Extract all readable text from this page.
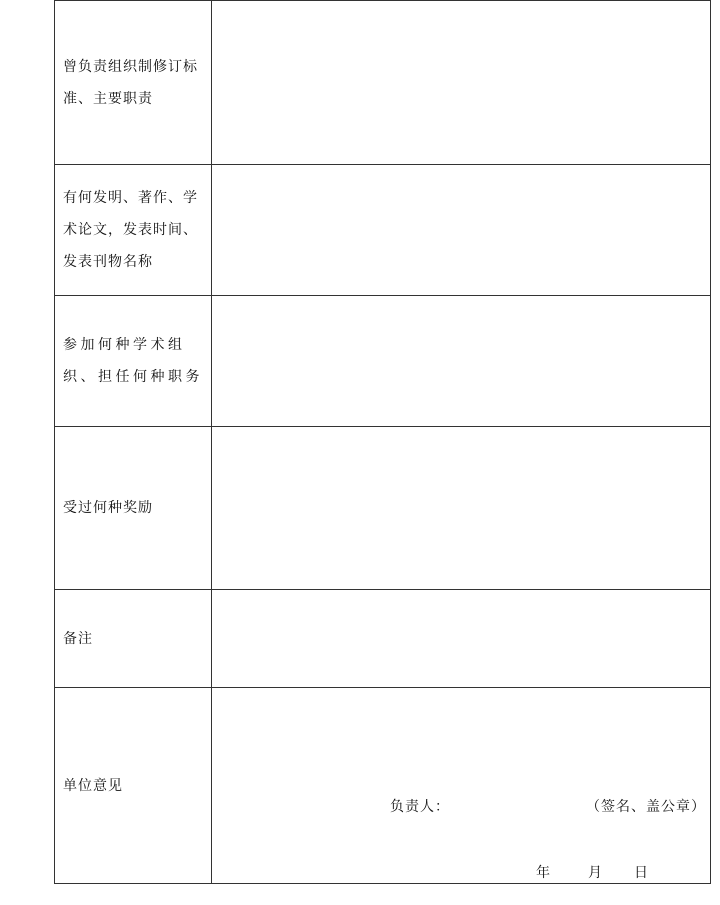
曾负责组织制修订标准、主要职责	
有何发明、著作、学术论文，发表时间、发表刊物名称	
参加何种学术组织、担任何种职务	
受过何种奖励	
备注	
单位意见	负责人： （签名、盖公章）
年 月 日
